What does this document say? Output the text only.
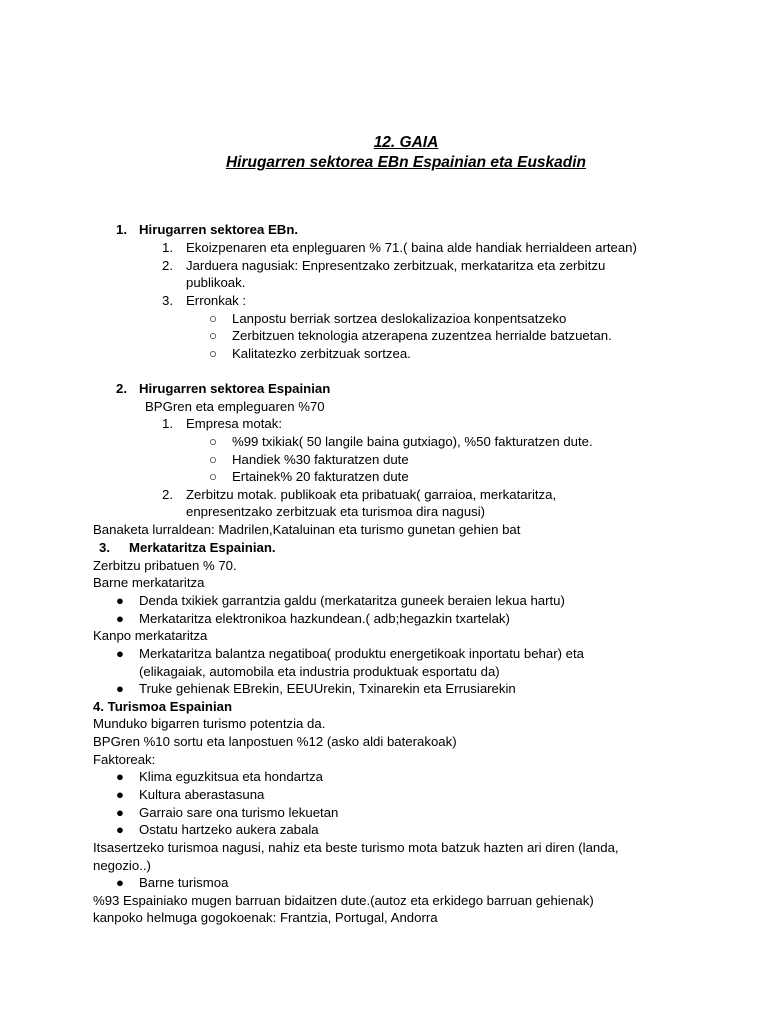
12. GAIA
Hirugarren sektorea EBn Espainian eta Euskadin
1. Hirugarren sektorea EBn.
1. Ekoizpenaren eta enpleguaren % 71.( baina alde handiak herrialdeen artean)
2. Jarduera nagusiak: Enpresentzako zerbitzuak, merkataritza eta zerbitzu
publikoak.
3. Erronkak :
○ Lanpostu berriak sortzea deslokalizazioa konpentsatzeko
○ Zerbitzuen teknologia atzerapena zuzentzea herrialde batzuetan.
○ Kalitatezko zerbitzuak sortzea.
2. Hirugarren sektorea Espainian
BPGren eta empleguaren %70
1. Empresa motak:
○ %99 txikiak( 50 langile baina gutxiago), %50 fakturatzen dute.
○ Handiek %30 fakturatzen dute
○ Ertainek% 20 fakturatzen dute
2. Zerbitzu motak. publikoak eta pribatuak( garraioa, merkataritza,
enpresentzako zerbitzuak eta turismoa dira nagusi)
Banaketa lurraldean: Madrilen,Kataluinan eta turismo gunetan gehien bat
3. Merkataritza Espainian.
Zerbitzu pribatuen % 70.
Barne merkataritza
● Denda txikiek garrantzia galdu (merkataritza guneek beraien lekua hartu)
● Merkataritza elektronikoa hazkundean.( adb;hegazkin txartelak)
Kanpo merkataritza
● Merkataritza balantza negatiboa( produktu energetikoak inportatu behar) eta
(elikagaiak, automobila eta industria produktuak esportatu da)
● Truke gehienak EBrekin, EEUUrekin, Txinarekin eta Errusiarekin
4. Turismoa Espainian
Munduko bigarren turismo potentzia da.
BPGren %10 sortu eta lanpostuen %12 (asko aldi baterakoak)
Faktoreak:
● Klima eguzkitsua eta hondartza
● Kultura aberastasuna
● Garraio sare ona turismo lekuetan
● Ostatu hartzeko aukera zabala
Itsasertzeko turismoa nagusi, nahiz eta beste turismo mota batzuk hazten ari diren (landa,
negozio..)
● Barne turismoa
%93 Espainiako mugen barruan bidaitzen dute.(autoz eta erkidego barruan gehienak)
kanpoko helmuga gogokoenak: Frantzia, Portugal, Andorra
